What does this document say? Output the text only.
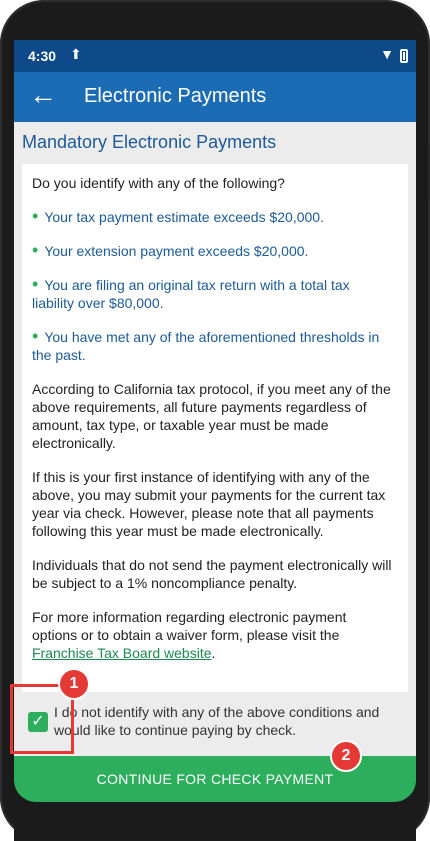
4:30 ⬆	▼
← Electronic Payments
Mandatory Electronic Payments

Do you identify with any of the following?

• Your tax payment estimate exceeds $20,000.
• Your extension payment exceeds $20,000.
• You are filing an original tax return with a total tax liability over $80,000.
• You have met any of the aforementioned thresholds in the past.

According to California tax protocol, if you meet any of the above requirements, all future payments regardless of amount, tax type, or taxable year must be made electronically.

If this is your first instance of identifying with any of the above, you may submit your payments for the current tax year via check. However, please note that all payments following this year must be made electronically.

Individuals that do not send the payment electronically will be subject to a 1% noncompliance penalty.

For more information regarding electronic payment options or to obtain a waiver form, please visit the Franchise Tax Board website.

✓
I do not identify with any of the above conditions and would like to continue paying by check.
CONTINUE FOR CHECK PAYMENT
1
2
